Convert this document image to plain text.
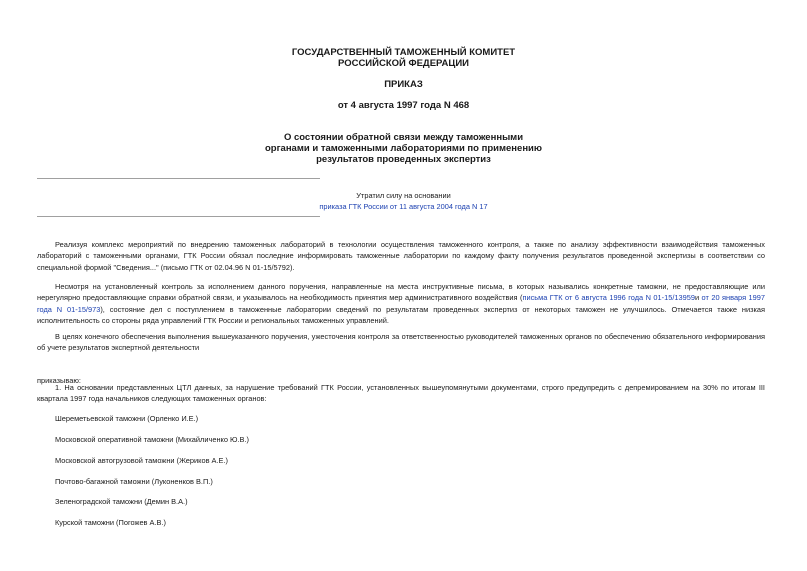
ГОСУДАРСТВЕННЫЙ ТАМОЖЕННЫЙ КОМИТЕТ
РОССИЙСКОЙ ФЕДЕРАЦИИ
ПРИКАЗ
от 4 августа 1997 года N 468
О состоянии обратной связи между таможенными
органами и таможенными лабораториями по применению
результатов проведенных экспертиз
Утратил силу на основании
приказа ГТК России от 11 августа 2004 года N 17
Реализуя комплекс мероприятий по внедрению таможенных лабораторий в технологии осуществления таможенного контроля, а также по анализу эффективности взаимодействия таможенных лабораторий с таможенными органами, ГТК России обязал последние информировать таможенные лаборатории по каждому факту получения результатов проведенной экспертизы в соответствии со специальной формой "Сведения..." (письмо ГТК от 02.04.96 N 01-15/5792).
Несмотря на установленный контроль за исполнением данного поручения, направленные на места инструктивные письма, в которых назывались конкретные таможни, не предоставляющие или нерегулярно предоставляющие справки обратной связи, и указывалось на необходимость принятия мер административного воздействия (письма ГТК от 6 августа 1996 года N 01-15/13959и от 20 января 1997 года N 01-15/973), состояние дел с поступлением в таможенные лаборатории сведений по результатам проведенных экспертиз от некоторых таможен не улучшилось. Отмечается также низкая исполнительность со стороны ряда управлений ГТК России и региональных таможенных управлений.
В целях конечного обеспечения выполнения вышеуказанного поручения, ужесточения контроля за ответственностью руководителей таможенных органов по обеспечению обязательного информирования об учете результатов экспертной деятельности
приказываю:
1. На основании представленных ЦТЛ данных, за нарушение требований ГТК России, установленных вышеупомянутыми документами, строго предупредить с депремированием на 30% по итогам III квартала 1997 года начальников следующих таможенных органов:
Шереметьевской таможни (Орленко И.Е.)
Московской оперативной таможни (Михайличенко Ю.В.)
Московской автогрузовой таможни (Жериков А.Е.)
Почтово-багажной таможни (Луконенков В.П.)
Зеленоградской таможни (Демин В.А.)
Курской таможни (Погожев А.В.)
